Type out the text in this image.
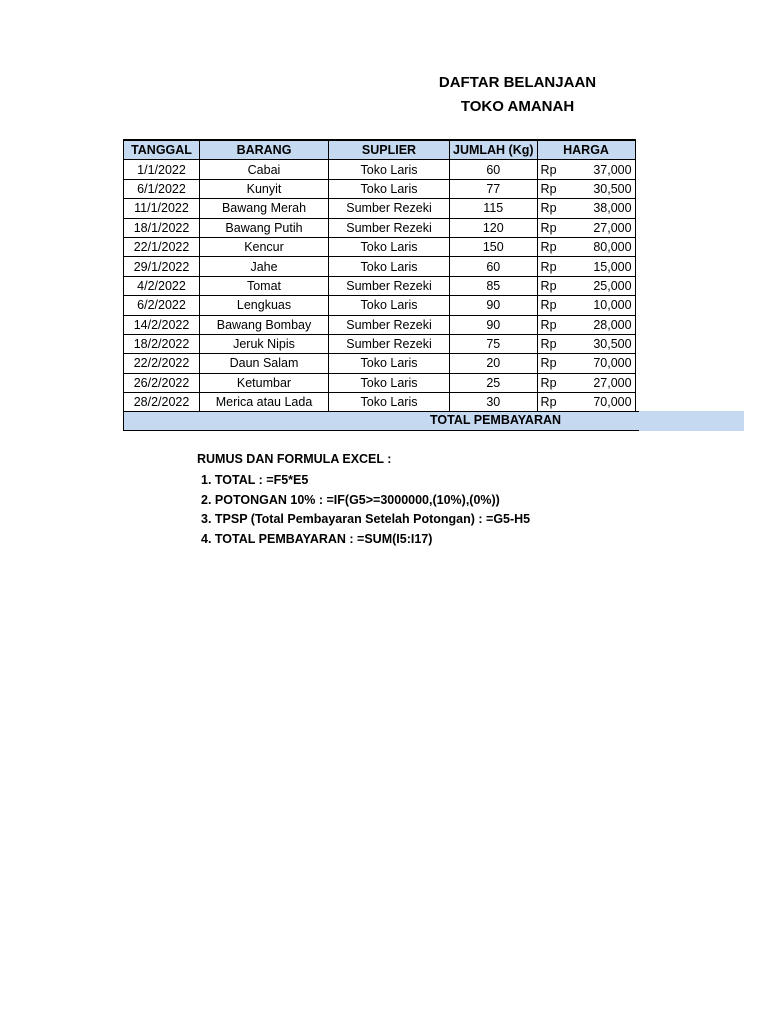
DAFTAR BELANJAAN
TOKO AMANAH
TANGGAL	BARANG	SUPLIER	JUMLAH (Kg)	HARGA
1/1/2022	Cabai	Toko Laris	60	Rp 37,000

6/1/2022	Kunyit	Toko Laris	77	Rp 30,500

11/1/2022	Bawang Merah	Sumber Rezeki	115	Rp 38,000

18/1/2022	Bawang Putih	Sumber Rezeki	120	Rp 27,000

22/1/2022	Kencur	Toko Laris	150	Rp 80,000

29/1/2022	Jahe	Toko Laris	60	Rp 15,000

4/2/2022	Tomat	Sumber Rezeki	85	Rp 25,000

6/2/2022	Lengkuas	Toko Laris	90	Rp 10,000

14/2/2022	Bawang Bombay	Sumber Rezeki	90	Rp 28,000

18/2/2022	Jeruk Nipis	Sumber Rezeki	75	Rp 30,500

22/2/2022	Daun Salam	Toko Laris	20	Rp 70,000

26/2/2022	Ketumbar	Toko Laris	25	Rp 27,000

28/2/2022	Merica atau Lada	Toko Laris	30	Rp 70,000
TOTAL PEMBAYARAN
RUMUS DAN FORMULA EXCEL :
1. TOTAL : =F5*E5
2. POTONGAN 10% : =IF(G5>=3000000,(10%),(0%))
3. TPSP (Total Pembayaran Setelah Potongan) : =G5-H5
4. TOTAL PEMBAYARAN : =SUM(I5:I17)
